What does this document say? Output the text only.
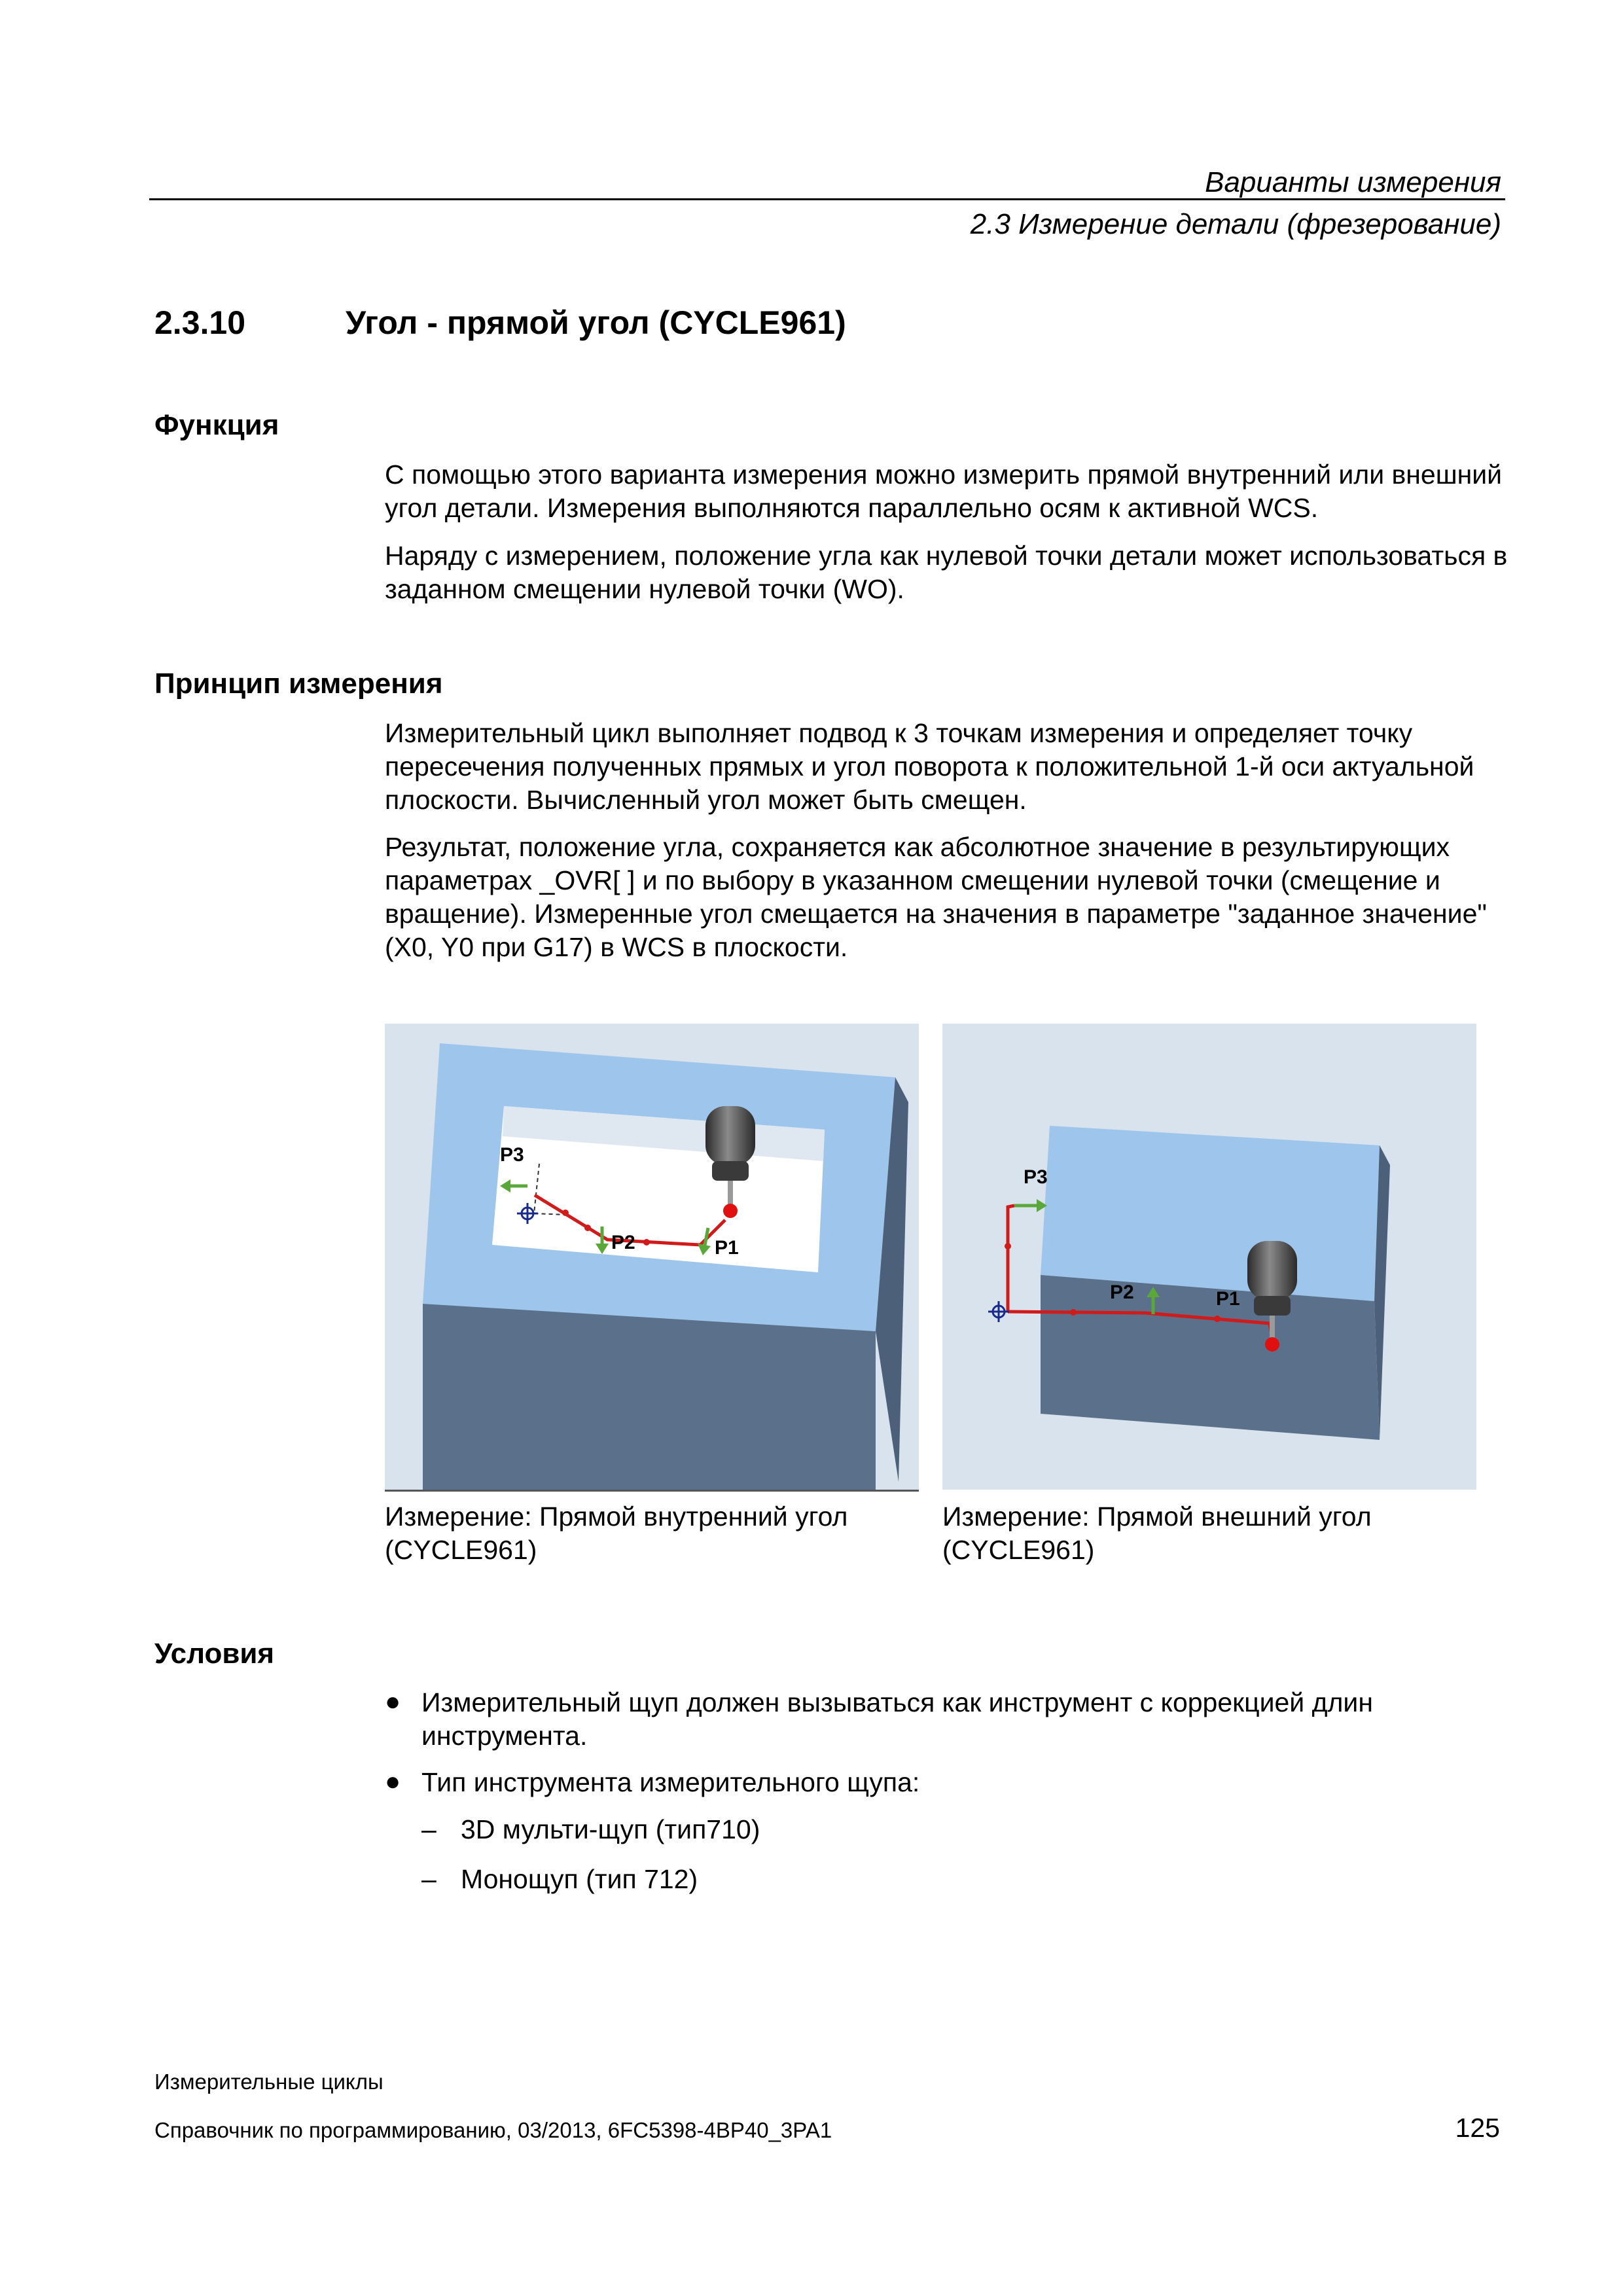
Варианты измерения
2.3 Измерение детали (фрезерование)
2.3.10	Угол - прямой угол (CYCLE961)
Функция
С помощью этого варианта измерения можно измерить прямой внутренний или внешний угол детали. Измерения выполняются параллельно осям к активной WCS.
Наряду с измерением, положение угла как нулевой точки детали может использоваться в заданном смещении нулевой точки (WO).
Принцип измерения
Измерительный цикл выполняет подвод к 3 точкам измерения и определяет точку пересечения полученных прямых и угол поворота к положительной 1-й оси актуальной плоскости. Вычисленный угол может быть смещен.
Результат, положение угла, сохраняется как абсолютное значение в результирующих параметрах _OVR[ ] и по выбору в указанном смещении нулевой точки (смещение и вращение). Измеренные угол смещается на значения в параметре "заданное значение" (X0, Y0 при G17) в WCS в плоскости.
P3
P2	P1
P3
P2	P1
Измерение: Прямой внутренний угол
(CYCLE961)
Измерение: Прямой внешний угол
(CYCLE961)
Условия
● Измерительный щуп должен вызываться как инструмент с коррекцией длин инструмента.
● Тип инструмента измерительного щупа:
– 3D мульти-щуп (тип710)
– Монощуп (тип 712)
Измерительные циклы
Справочник по программированию, 03/2013, 6FC5398-4BP40_3PA1	125
